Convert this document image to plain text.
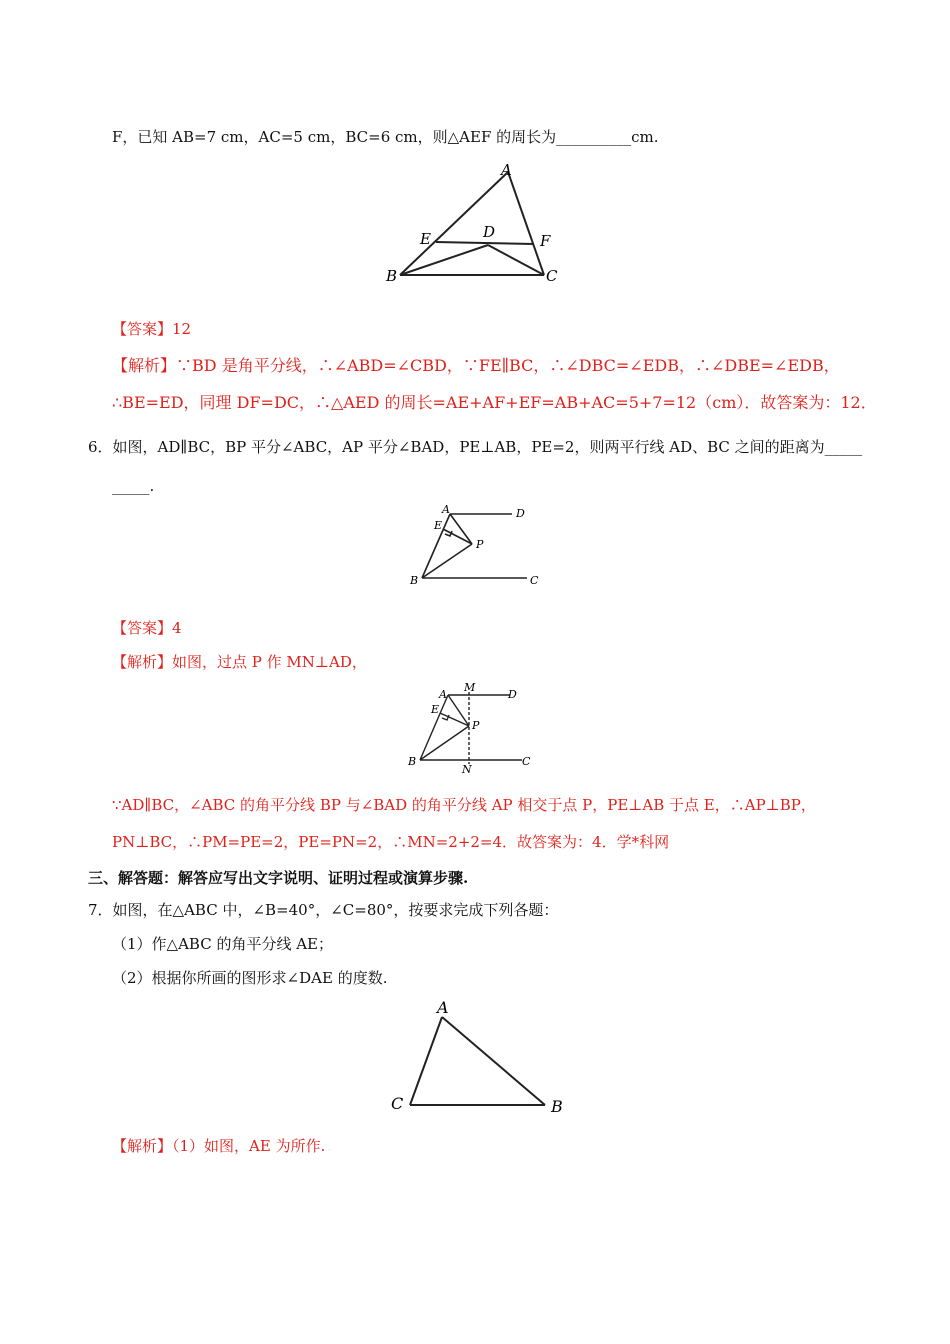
F，已知 AB=7 cm，AC=5 cm，BC=6 cm，则△AEF 的周长为__________cm.
A
B	C
D
E	F
【答案】12
【解析】∵BD 是角平分线，∴∠ABD=∠CBD，∵FE∥BC，∴∠DBC=∠EDB，∴∠DBE=∠EDB，
∴BE=ED，同理 DF=DC，∴△AED 的周长=AE+AF+EF=AB+AC=5+7=12（cm）．故答案为：12．
6．如图，AD∥BC，BP 平分∠ABC，AP 平分∠BAD，PE⊥AB，PE=2，则两平行线 AD、BC 之间的距离为_____
_____.
A
E
D
P
B	C
【答案】4
【解析】如图，过点 P 作 MN⊥AD，
A
M
D
E
P
B
N
C
∵AD∥BC，∠ABC 的角平分线 BP 与∠BAD 的角平分线 AP 相交于点 P，PE⊥AB 于点 E，∴AP⊥BP，
PN⊥BC，∴PM=PE=2，PE=PN=2，∴MN=2+2=4．故答案为：4．学*科网
三、解答题：解答应写出文字说明、证明过程或演算步骤.
7．如图，在△ABC 中，∠B=40°，∠C=80°，按要求完成下列各题：
（1）作△ABC 的角平分线 AE；
（2）根据你所画的图形求∠DAE 的度数.
A
C	B
【解析】（1）如图，AE 为所作.
